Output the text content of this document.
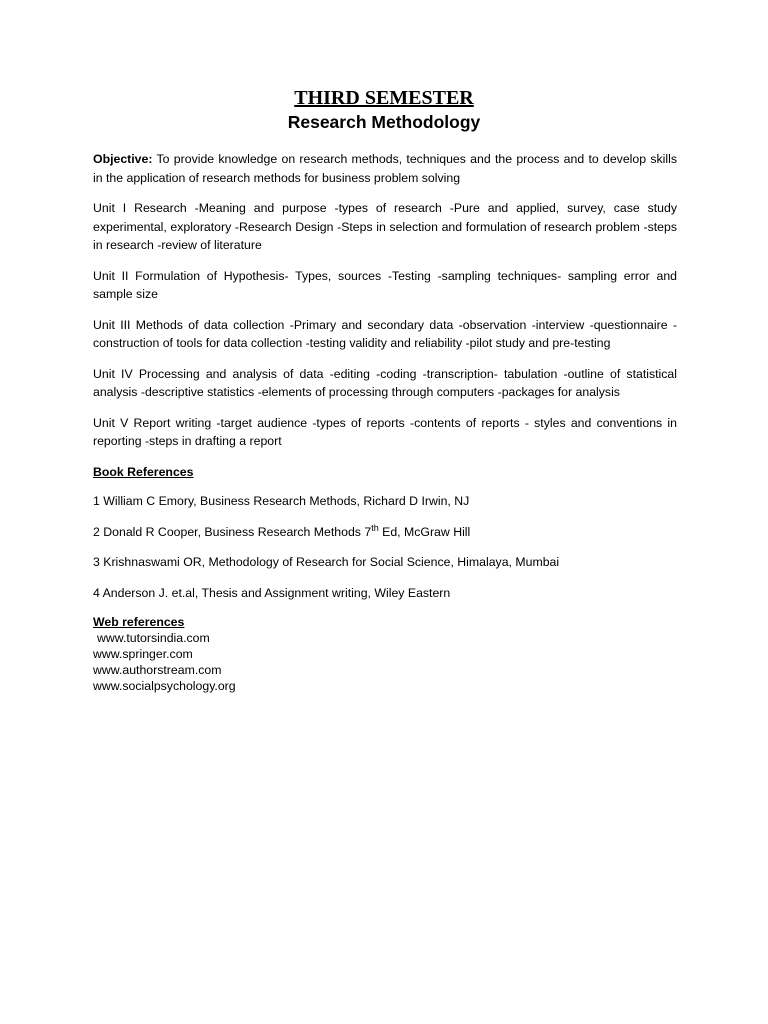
THIRD SEMESTER
Research Methodology

Objective: To provide knowledge on research methods, techniques and the process and to develop skills in the application of research methods for business problem solving

Unit I Research -Meaning and purpose -types of research -Pure and applied, survey, case study experimental, exploratory -Research Design -Steps in selection and formulation of research problem -steps in research -review of literature

Unit II Formulation of Hypothesis- Types, sources -Testing -sampling techniques- sampling error and sample size

Unit III Methods of data collection -Primary and secondary data -observation -interview -questionnaire -construction of tools for data collection -testing validity and reliability -pilot study and pre-testing

Unit IV Processing and analysis of data -editing -coding -transcription- tabulation -outline of statistical analysis -descriptive statistics -elements of processing through computers -packages for analysis

Unit V Report writing -target audience -types of reports -contents of reports - styles and conventions in reporting -steps in drafting a report

Book References

1 William C Emory, Business Research Methods, Richard D Irwin, NJ

2 Donald R Cooper, Business Research Methods 7th Ed, McGraw Hill

3 Krishnaswami OR, Methodology of Research for Social Science, Himalaya, Mumbai

4 Anderson J. et.al, Thesis and Assignment writing, Wiley Eastern

Web references

www.tutorsindia.com

www.springer.com

www.authorstream.com

www.socialpsychology.org
